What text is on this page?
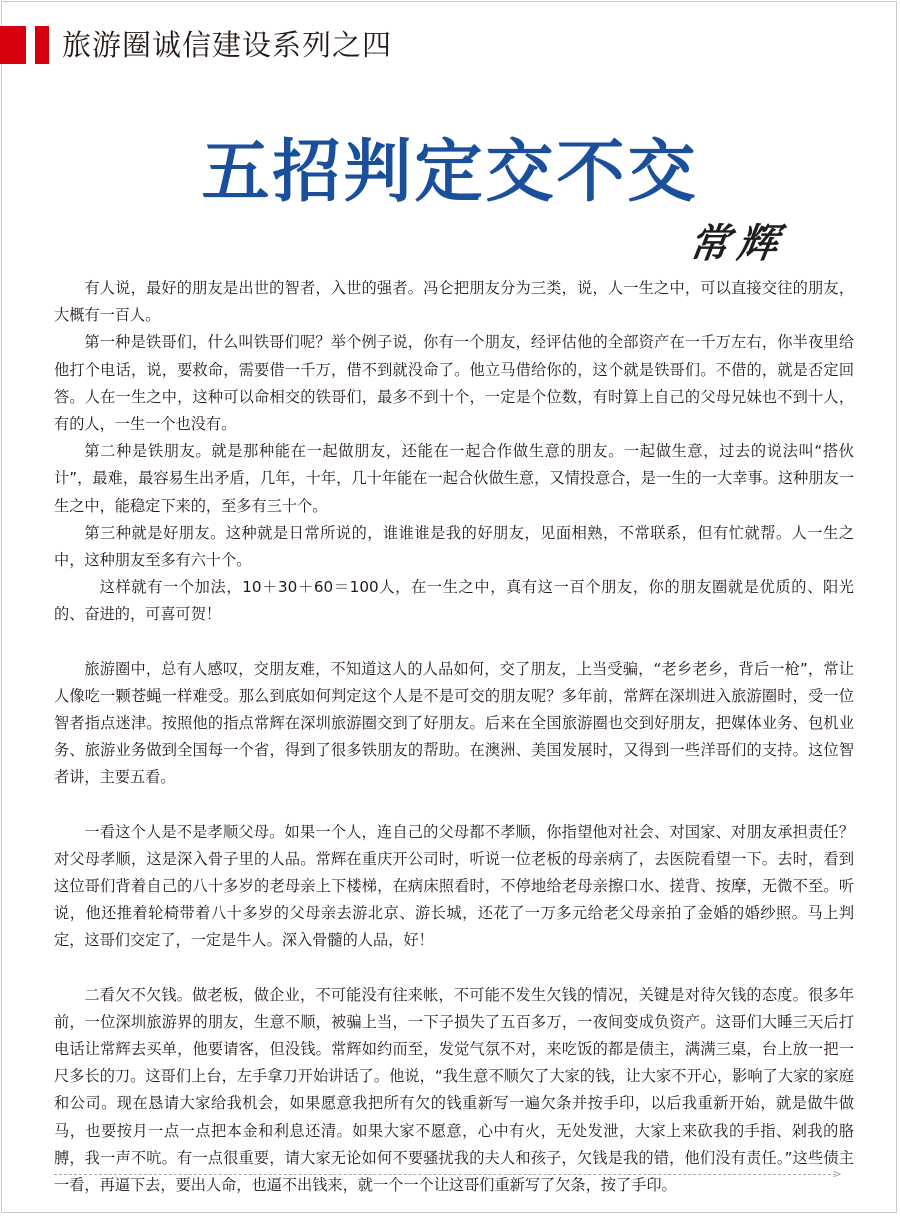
旅游圈诚信建设系列之四
五招判定交不交
常辉

有人说，最好的朋友是出世的智者，入世的强者。冯仑把朋友分为三类，说，人一生之中，可以直接交往的朋友，大概有一百人。

第一种是铁哥们，什么叫铁哥们呢？举个例子说，你有一个朋友，经评估他的全部资产在一千万左右，你半夜里给他打个电话，说，要救命，需要借一千万，借不到就没命了。他立马借给你的，这个就是铁哥们。不借的，就是否定回答。人在一生之中，这种可以命相交的铁哥们，最多不到十个，一定是个位数，有时算上自己的父母兄妹也不到十人，有的人，一生一个也没有。

第二种是铁朋友。就是那种能在一起做朋友，还能在一起合作做生意的朋友。一起做生意，过去的说法叫“搭伙计”，最难，最容易生出矛盾，几年，十年，几十年能在一起合伙做生意，又情投意合，是一生的一大幸事。这种朋友一生之中，能稳定下来的，至多有三十个。

第三种就是好朋友。这种就是日常所说的，谁谁谁是我的好朋友，见面相熟，不常联系，但有忙就帮。人一生之中，这种朋友至多有六十个。

这样就有一个加法，10＋30＋60＝100人，在一生之中，真有这一百个朋友，你的朋友圈就是优质的、阳光的、奋进的，可喜可贺！

旅游圈中，总有人感叹，交朋友难，不知道这人的人品如何，交了朋友，上当受骗，“老乡老乡，背后一枪”，常让人像吃一颗苍蝇一样难受。那么到底如何判定这个人是不是可交的朋友呢？多年前，常辉在深圳进入旅游圈时，受一位智者指点迷津。按照他的指点常辉在深圳旅游圈交到了好朋友。后来在全国旅游圈也交到好朋友，把媒体业务、包机业务、旅游业务做到全国每一个省，得到了很多铁朋友的帮助。在澳洲、美国发展时，又得到一些洋哥们的支持。这位智者讲，主要五看。

一看这个人是不是孝顺父母。如果一个人，连自己的父母都不孝顺，你指望他对社会、对国家、对朋友承担责任？对父母孝顺，这是深入骨子里的人品。常辉在重庆开公司时，听说一位老板的母亲病了，去医院看望一下。去时，看到这位哥们背着自己的八十多岁的老母亲上下楼梯，在病床照看时，不停地给老母亲擦口水、搓背、按摩，无微不至。听说，他还推着轮椅带着八十多岁的父母亲去游北京、游长城，还花了一万多元给老父母亲拍了金婚的婚纱照。马上判定，这哥们交定了，一定是牛人。深入骨髓的人品，好！

二看欠不欠钱。做老板，做企业，不可能没有往来帐，不可能不发生欠钱的情况，关键是对待欠钱的态度。很多年前，一位深圳旅游界的朋友，生意不顺，被骗上当，一下子损失了五百多万，一夜间变成负资产。这哥们大睡三天后打电话让常辉去买单，他要请客，但没钱。常辉如约而至，发觉气氛不对，来吃饭的都是债主，满满三桌，台上放一把一尺多长的刀。这哥们上台，左手拿刀开始讲话了。他说，“我生意不顺欠了大家的钱，让大家不开心，影响了大家的家庭和公司。现在恳请大家给我机会，如果愿意我把所有欠的钱重新写一遍欠条并按手印，以后我重新开始，就是做牛做马，也要按月一点一点把本金和利息还清。如果大家不愿意，心中有火，无处发泄，大家上来砍我的手指、剁我的胳膊，我一声不吭。有一点很重要，请大家无论如何不要骚扰我的夫人和孩子，欠钱是我的错，他们没有责任。”这些债主一看，再逼下去，要出人命，也逼不出钱来，就一个一个让这哥们重新写了欠条，按了手印。

>
